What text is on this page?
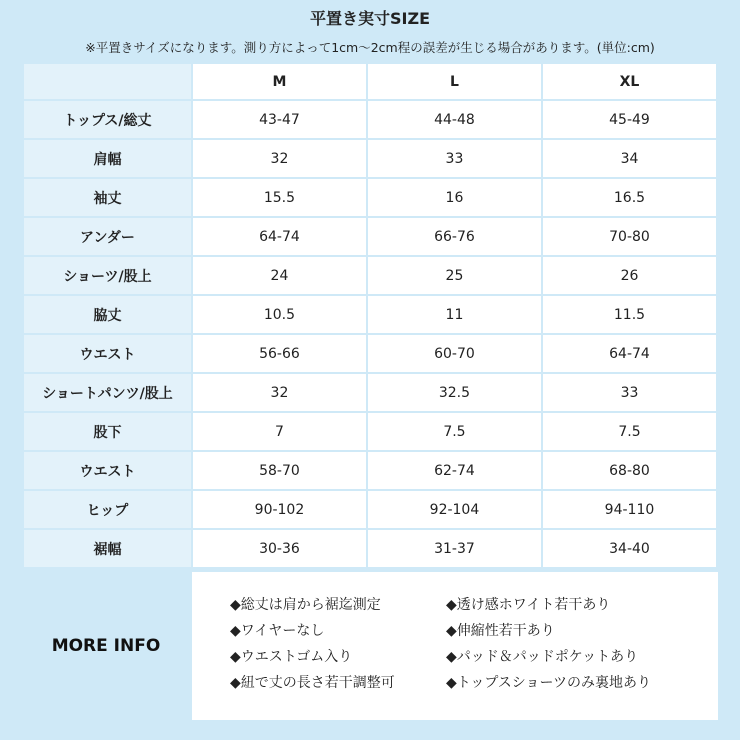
平置き実寸SIZE
※平置きサイズになります。測り方によって1cm〜2cm程の誤差が生じる場合があります。(単位:cm)
	M	L	XL
トップス/総丈	43-47	44-48	45-49
肩幅	32	33	34
袖丈	15.5	16	16.5
アンダー	64-74	66-76	70-80
ショーツ/股上	24	25	26
脇丈	10.5	11	11.5
ウエスト	56-66	60-70	64-74
ショートパンツ/股上	32	32.5	33
股下	7	7.5	7.5
ウエスト	58-70	62-74	68-80
ヒップ	90-102	92-104	94-110
裾幅	30-36	31-37	34-40
MORE INFO
◆総丈は肩から裾迄測定
◆ワイヤーなし
◆ウエストゴム入り
◆紐で丈の長さ若干調整可
◆透け感ホワイト若干あり
◆伸縮性若干あり
◆パッド＆パッドポケットあり
◆トップスショーツのみ裏地あり
